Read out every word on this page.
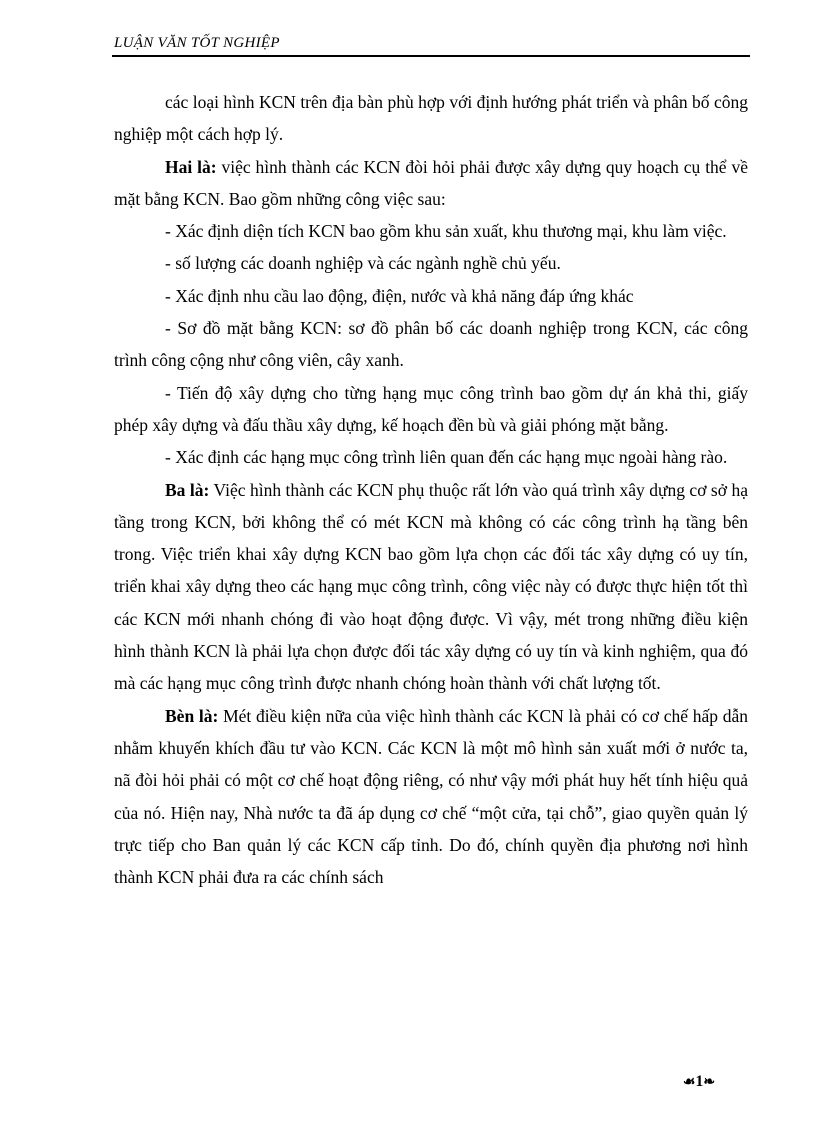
LUẬN VĂN TỐT NGHIỆP

các loại hình KCN trên địa bàn phù hợp với định hướng phát triển và phân bố công nghiệp một cách hợp lý.

Hai là: việc hình thành các KCN đòi hỏi phải được xây dựng quy hoạch cụ thể về mặt bằng KCN. Bao gồm những công việc sau:

- Xác định diện tích KCN bao gồm khu sản xuất, khu thương mại, khu làm việc.

- số lượng các doanh nghiệp và các ngành nghề chủ yếu.

- Xác định nhu cầu lao động, điện, nước và khả năng đáp ứng khác

- Sơ đồ mặt bằng KCN: sơ đồ phân bố các doanh nghiệp trong KCN, các công trình công cộng như công viên, cây xanh.

- Tiến độ xây dựng cho từng hạng mục công trình bao gồm dự án khả thi, giấy phép xây dựng và đấu thầu xây dựng, kế hoạch đền bù và giải phóng mặt bằng.

- Xác định các hạng mục công trình liên quan đến các hạng mục ngoài hàng rào.

Ba là: Việc hình thành các KCN phụ thuộc rất lớn vào quá trình xây dựng cơ sở hạ tầng trong KCN, bởi không thể có mét KCN mà không có các công trình hạ tầng bên trong. Việc triển khai xây dựng KCN bao gồm lựa chọn các đối tác xây dựng có uy tín, triển khai xây dựng theo các hạng mục công trình, công việc này có được thực hiện tốt thì các KCN mới nhanh chóng đi vào hoạt động được. Vì vậy, mét trong những điều kiện hình thành KCN là phải lựa chọn được đối tác xây dựng có uy tín và kinh nghiệm, qua đó mà các hạng mục công trình được nhanh chóng hoàn thành với chất lượng tốt.

Bèn là: Mét điều kiện nữa của việc hình thành các KCN là phải có cơ chế hấp dẫn nhằm khuyến khích đầu tư vào KCN. Các KCN là một mô hình sản xuất mới ở nước ta, nã đòi hỏi phải có một cơ chế hoạt động riêng, có như vậy mới phát huy hết tính hiệu quả của nó. Hiện nay, Nhà nước ta đã áp dụng cơ chế “một cửa, tại chỗ”, giao quyền quản lý trực tiếp cho Ban quản lý các KCN cấp tỉnh. Do đó, chính quyền địa phương nơi hình thành KCN phải đưa ra các chính sách

☙1❧
